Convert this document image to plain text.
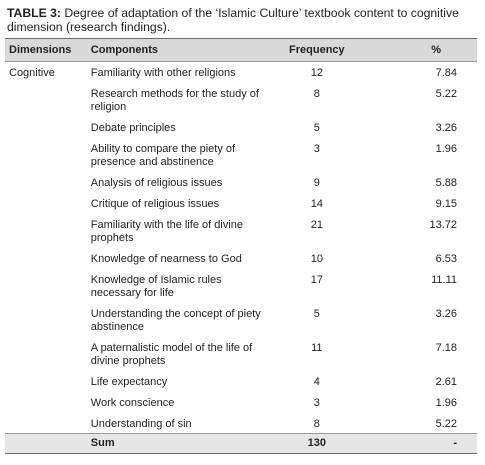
TABLE 3: Degree of adaptation of the ‘Islamic Culture’ textbook content to cognitive dimension (research findings).
Dimensions	Components	Frequency	%
Cognitive	Familiarity with other religions	12	7.84
	Research methods for the study of religion	8	5.22
	Debate principles	5	3.26
	Ability to compare the piety of presence and abstinence	3	1.96
	Analysis of religious issues	9	5.88
	Critique of religious issues	14	9.15
	Familiarity with the life of divine prophets	21	13.72
	Knowledge of nearness to God	10	6.53
	Knowledge of Islamic rules necessary for life	17	11.11
	Understanding the concept of piety abstinence	5	3.26
	A paternalistic model of the life of divine prophets	11	7.18
	Life expectancy	4	2.61
	Work conscience	3	1.96
	Understanding of sin	8	5.22
	Sum	130	-
